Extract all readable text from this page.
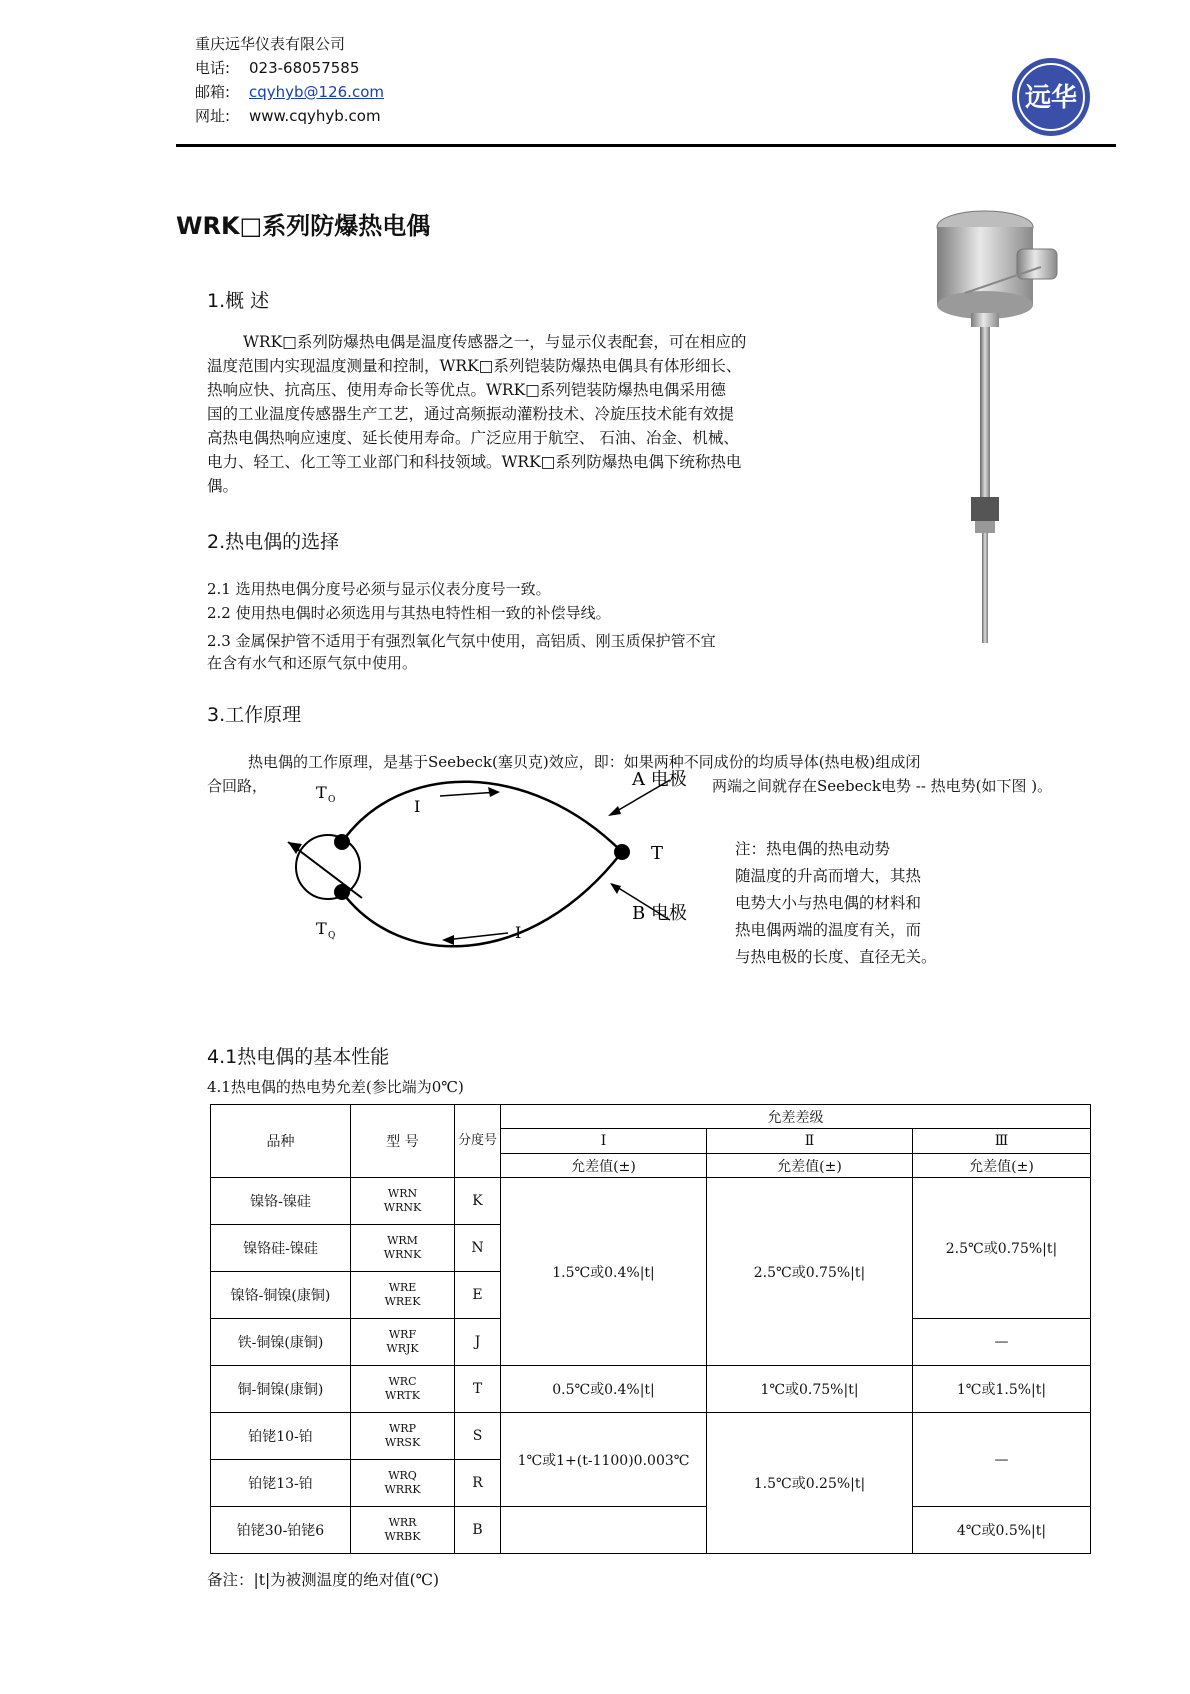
重庆远华仪表有限公司
电话: 023-68057585
邮箱: cqyhyb@126.com
网址: www.cqyhyb.com
远华
WRK□系列防爆热电偶
1.概 述
WRK□系列防爆热电偶是温度传感器之一，与显示仪表配套，可在相应的
温度范围内实现温度测量和控制，WRK□系列铠装防爆热电偶具有体形细长、
热响应快、抗高压、使用寿命长等优点。WRK□系列铠装防爆热电偶采用德
国的工业温度传感器生产工艺，通过高频振动灌粉技术、冷旋压技术能有效提
高热电偶热响应速度、延长使用寿命。广泛应用于航空、 石油、冶金、机械、
电力、轻工、化工等工业部门和科技领域。WRK□系列防爆热电偶下统称热电
偶。
2.热电偶的选择
2.1 选用热电偶分度号必须与显示仪表分度号一致。
2.2 使用热电偶时必须选用与其热电特性相一致的补偿导线。
2.3 金属保护管不适用于有强烈氧化气氛中使用，高铝质、刚玉质保护管不宜
在含有水气和还原气氛中使用。
3.工作原理
热电偶的工作原理，是基于Seebeck(塞贝克)效应，即：如果两种不同成份的均质导体(热电极)组成闭
合回路，	两端之间就存在Seebeck电势 -- 热电势(如下图 )。
T O
T Q
I
I
T
A 电极
B 电极
注：热电偶的热电动势
随温度的升高而增大，其热
电势大小与热电偶的材料和
热电偶两端的温度有关，而
与热电极的长度、直径无关。
4.1热电偶的基本性能
4.1热电偶的热电势允差(参比端为0℃)
品种	型 号	分度号	允差差级		
			Ⅰ	Ⅱ	Ⅲ
			允差值(±)	允差值(±)	允差值(±)
镍铬-镍硅	WRN
WRNK	K	1.5℃或0.4%|t|	2.5℃或0.75%|t|	2.5℃或0.75%|t|
镍铬硅-镍硅	WRM
WRNK	N			
镍铬-铜镍(康铜)	WRE
WREK	E			
铁-铜镍(康铜)	WRF
WRJK	J			—
铜-铜镍(康铜)	WRC
WRTK	T	0.5℃或0.4%|t|	1℃或0.75%|t|	1℃或1.5%|t|
铂铑10-铂	WRP
WRSK	S	1℃或1+(t-1100)0.003℃	1.5℃或0.25%|t|	—
铂铑13-铂	WRQ
WRRK	R			
铂铑30-铂铑6	WRR
WRBK	B			4℃或0.5%|t|
备注：|t|为被测温度的绝对值(℃)
